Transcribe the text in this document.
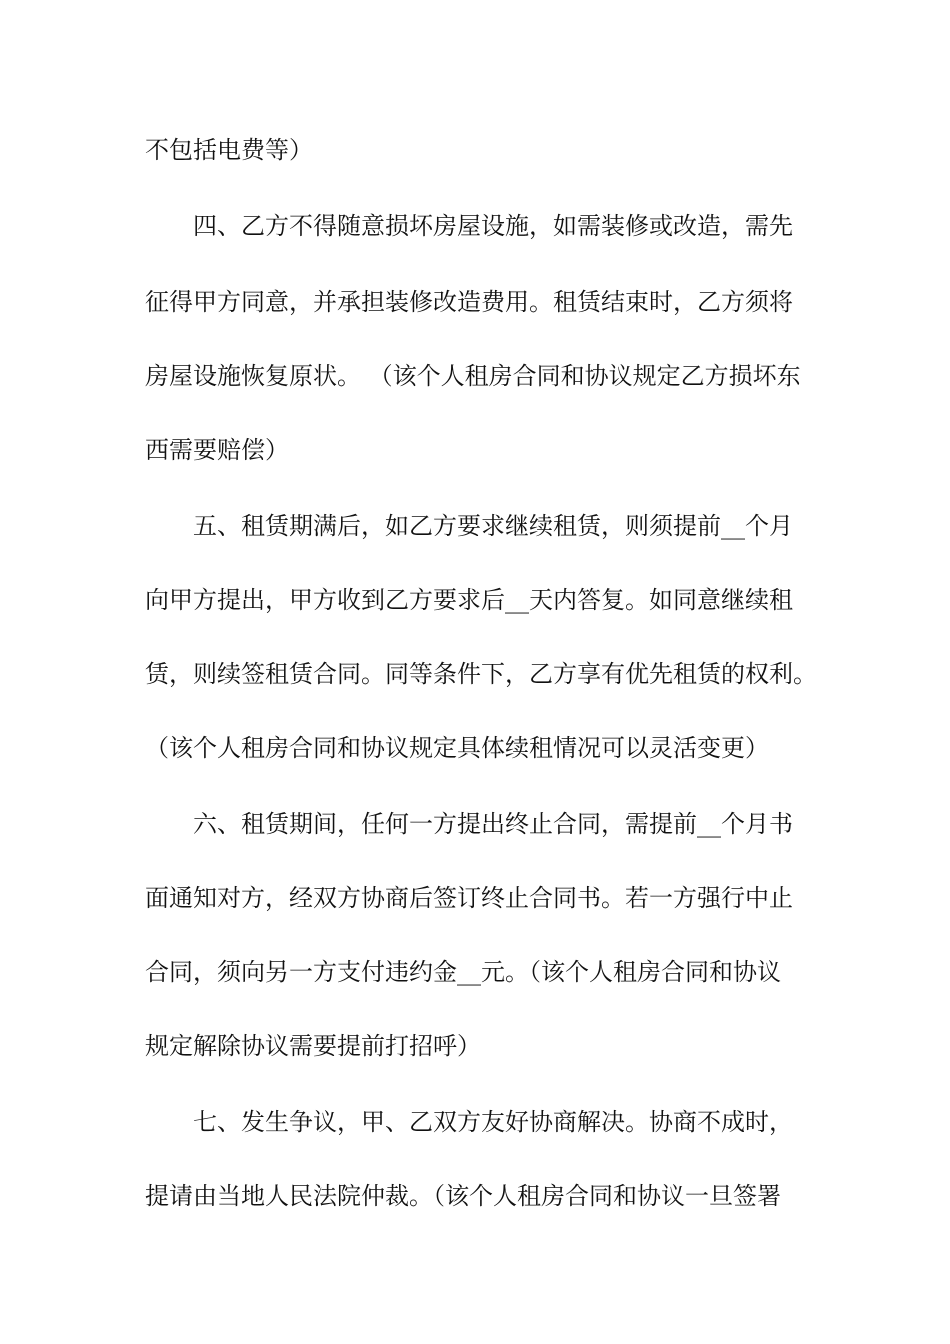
不包括电费等）
四、乙方不得随意损坏房屋设施，如需装修或改造，需先
征得甲方同意，并承担装修改造费用。租赁结束时，乙方须将
房屋设施恢复原状。 （该个人租房合同和协议规定乙方损坏东
西需要赔偿）
五、租赁期满后，如乙方要求继续租赁，则须提前__个月
向甲方提出，甲方收到乙方要求后__天内答复。如同意继续租
赁，则续签租赁合同。同等条件下，乙方享有优先租赁的权利。
（该个人租房合同和协议规定具体续租情况可以灵活变更）
六、租赁期间，任何一方提出终止合同，需提前__个月书
面通知对方，经双方协商后签订终止合同书。若一方强行中止
合同，须向另一方支付违约金__元。（该个人租房合同和协议
规定解除协议需要提前打招呼）
七、发生争议，甲、乙双方友好协商解决。协商不成时，
提请由当地人民法院仲裁。（该个人租房合同和协议一旦签署
